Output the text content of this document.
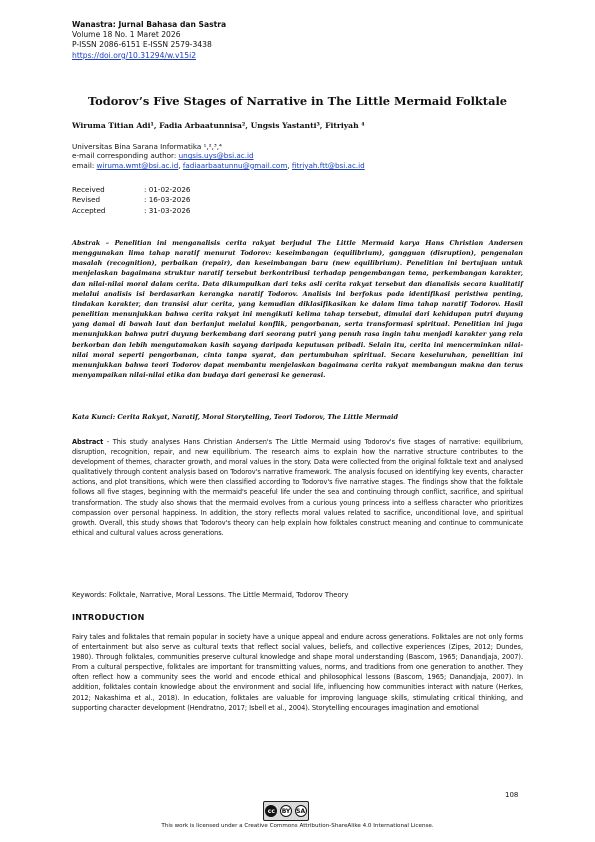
Wanastra: Jurnal Bahasa dan Sastra
Volume 18 No. 1 Maret 2026
P-ISSN 2086-6151 E-ISSN 2579-3438
https://doi.org/10.31294/w.v15i2
Todorov’s Five Stages of Narrative in The Little Mermaid Folktale
Wiruma Titian Adi¹, Fadia Arbaatunnisa², Ungsis Yastanti³, Fitriyah ⁴
Universitas Bina Sarana Informatika ¹,²,³,⁴
e-mail corresponding author: ungsis.uys@bsi.ac.id
email: wiruma.wmt@bsi.ac.id, fadiaarbaatunnu@gmail.com, fitriyah.ftt@bsi.ac.id
Received	: 01-02-2026
Revised	: 16-03-2026
Accepted	: 31-03-2026
Abstrak – Penelitian ini menganalisis cerita rakyat berjudul The Little Mermaid karya Hans Christian Andersen menggunakan lima tahap naratif menurut Todorov: keseimbangan (equilibrium), gangguan (disruption), pengenalan masalah (recognition), perbaikan (repair), dan keseimbangan baru (new equilibrium). Penelitian ini bertujuan untuk menjelaskan bagaimana struktur naratif tersebut berkontribusi terhadap pengembangan tema, perkembangan karakter, dan nilai-nilai moral dalam cerita. Data dikumpulkan dari teks asli cerita rakyat tersebut dan dianalisis secara kualitatif melalui analisis isi berdasarkan kerangka naratif Todorov. Analisis ini berfokus pada identifikasi peristiwa penting, tindakan karakter, dan transisi alur cerita, yang kemudian diklasifikasikan ke dalam lima tahap naratif Todorov. Hasil penelitian menunjukkan bahwa cerita rakyat ini mengikuti kelima tahap tersebut, dimulai dari kehidupan putri duyung yang damai di bawah laut dan berlanjut melalui konflik, pengorbanan, serta transformasi spiritual. Penelitian ini juga menunjukkan bahwa putri duyung berkembang dari seorang putri yang penuh rasa ingin tahu menjadi karakter yang rela berkorban dan lebih mengutamakan kasih sayang daripada keputusan pribadi. Selain itu, cerita ini mencerminkan nilai-nilai moral seperti pengorbanan, cinta tanpa syarat, dan pertumbuhan spiritual. Secara keseluruhan, penelitian ini menunjukkan bahwa teori Todorov dapat membantu menjelaskan bagaimana cerita rakyat membangun makna dan terus menyampaikan nilai-nilai etika dan budaya dari generasi ke generasi.
Kata Kunci: Cerita Rakyat, Naratif, Moral Storytelling, Teori Todorov, The Little Mermaid
Abstract - This study analyses Hans Christian Andersen's The Little Mermaid using Todorov's five stages of narrative: equilibrium, disruption, recognition, repair, and new equilibrium. The research aims to explain how the narrative structure contributes to the development of themes, character growth, and moral values in the story. Data were collected from the original folktale text and analysed qualitatively through content analysis based on Todorov's narrative framework. The analysis focused on identifying key events, character actions, and plot transitions, which were then classified according to Todorov's five narrative stages. The findings show that the folktale follows all five stages, beginning with the mermaid's peaceful life under the sea and continuing through conflict, sacrifice, and spiritual transformation. The study also shows that the mermaid evolves from a curious young princess into a selfless character who prioritizes compassion over personal happiness. In addition, the story reflects moral values related to sacrifice, unconditional love, and spiritual growth. Overall, this study shows that Todorov's theory can help explain how folktales construct meaning and continue to communicate ethical and cultural values across generations.
Keywords: Folktale, Narrative, Moral Lessons. The Little Mermaid, Todorov Theory
INTRODUCTION
Fairy tales and folktales that remain popular in society have a unique appeal and endure across generations. Folktales are not only forms of entertainment but also serve as cultural texts that reflect social values, beliefs, and collective experiences (Zipes, 2012; Dundes, 1980). Through folktales, communities preserve cultural knowledge and shape moral understanding (Bascom, 1965; Danandjaja, 2007). From a cultural perspective, folktales are important for transmitting values, norms, and traditions from one generation to another. They often reflect how a community sees the world and encode ethical and philosophical lessons (Bascom, 1965; Danandjaja, 2007). In addition, folktales contain knowledge about the environment and social life, influencing how communities interact with nature (Herkes, 2012; Nakashima et al., 2018). In education, folktales are valuable for improving language skills, stimulating critical thinking, and supporting character development (Hendratno, 2017; Isbell et al., 2004). Storytelling encourages imagination and emotional
108
cc	BY SA
This work is licensed under a Creative Commons Attribution-ShareAlike 4.0 International License.
